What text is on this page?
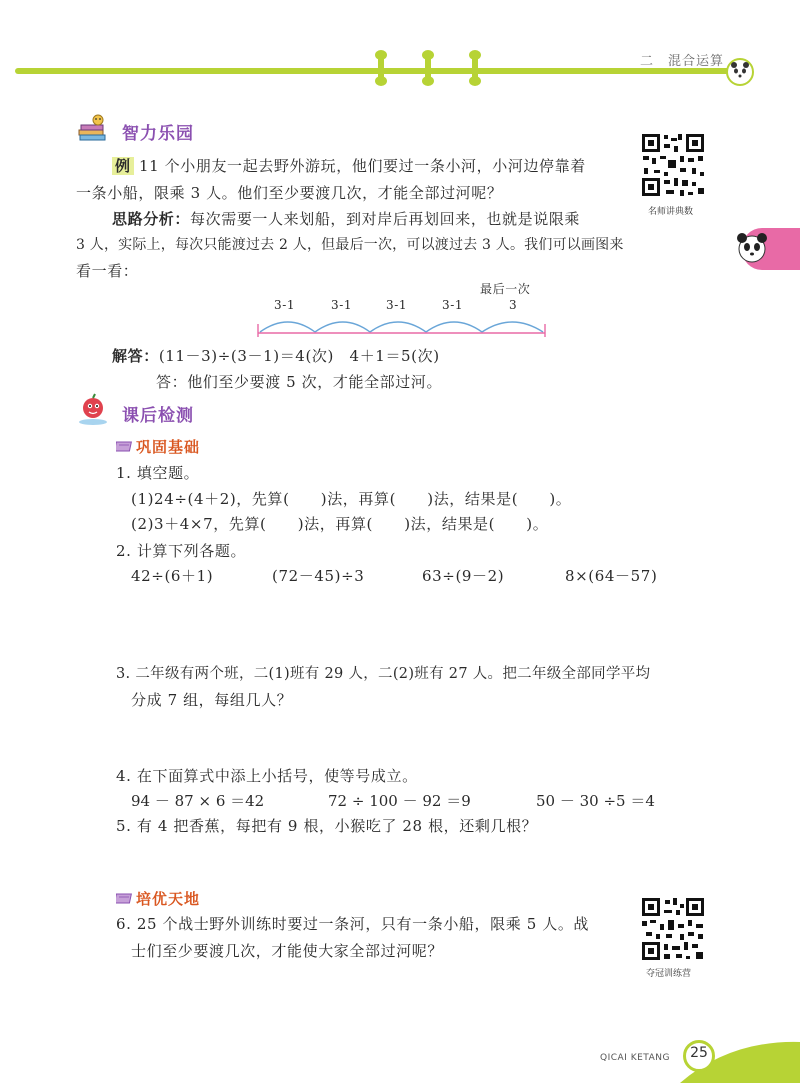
二 混合运算
智力乐园
名师讲典数
例 11 个小朋友一起去野外游玩，他们要过一条小河，小河边停靠着
一条小船，限乘 3 人。他们至少要渡几次，才能全部过河呢？
思路分析：每次需要一人来划船，到对岸后再划回来，也就是说限乘
3 人，实际上，每次只能渡过去 2 人，但最后一次，可以渡过去 3 人。我们可以画图来
看一看：
最后一次
3-1	3-1	3-1	3-1	3
解答：(11－3)÷(3－1)＝4(次)　4＋1＝5(次)
答：他们至少要渡 5 次，才能全部过河。
课后检测
巩固基础
1. 填空题。
(1)24÷(4＋2)，先算(　　)法，再算(　　)法，结果是(　　)。
(2)3＋4×7，先算(　　)法，再算(　　)法，结果是(　　)。
2. 计算下列各题。
42÷(6＋1)	(72－45)÷3	63÷(9－2)	8×(64－57)
3. 二年级有两个班，二(1)班有 29 人，二(2)班有 27 人。把二年级全部同学平均
分成 7 组，每组几人？
4. 在下面算式中添上小括号，使等号成立。
94 － 87 × 6 ＝42	72 ÷ 100 － 92 ＝9	50 － 30 ÷5 ＝4
5. 有 4 把香蕉，每把有 9 根，小猴吃了 28 根，还剩几根？
培优天地
6. 25 个战士野外训练时要过一条河，只有一条小船，限乘 5 人。战
士们至少要渡几次，才能使大家全部过河呢？
夺冠训练营
QICAI KETANG	25
